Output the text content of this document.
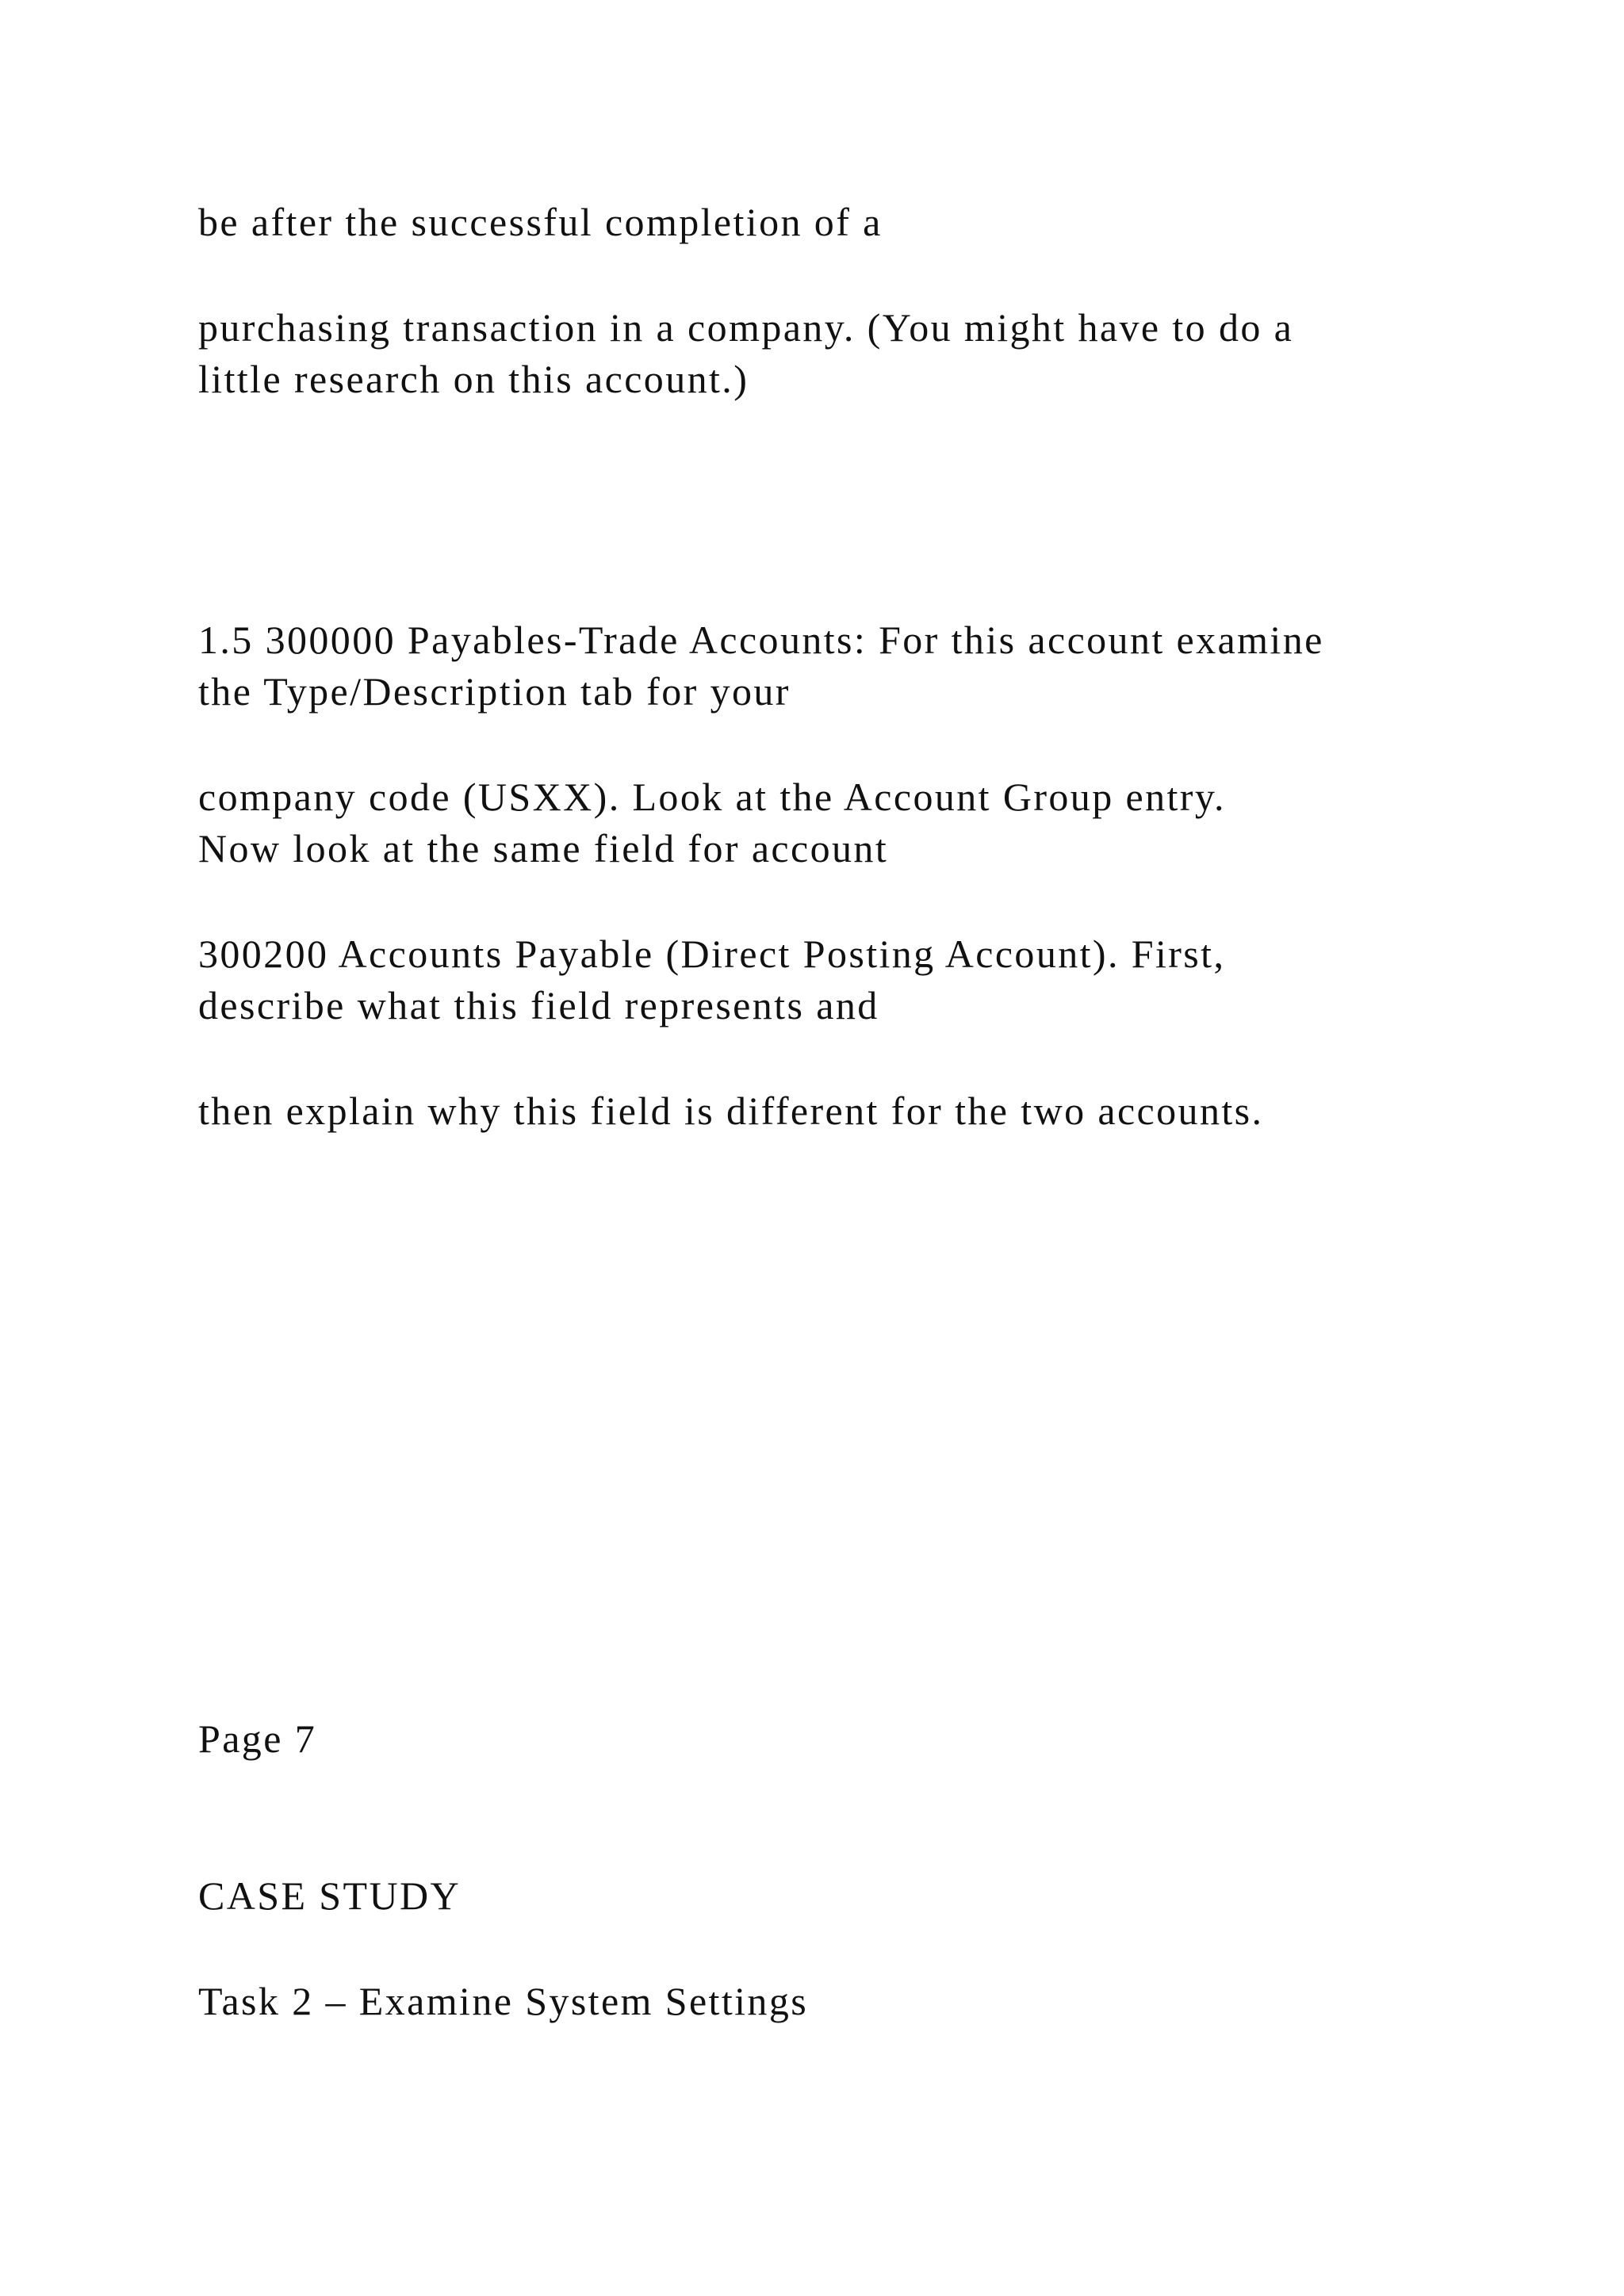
be after the successful completion of a
purchasing transaction in a company. (You might have to do a
little research on this account.)
1.5 300000 Payables-Trade Accounts: For this account examine
the Type/Description tab for your
company code (USXX). Look at the Account Group entry.
Now look at the same field for account
300200 Accounts Payable (Direct Posting Account). First,
describe what this field represents and
then explain why this field is different for the two accounts.
Page 7
CASE STUDY
Task 2 – Examine System Settings
